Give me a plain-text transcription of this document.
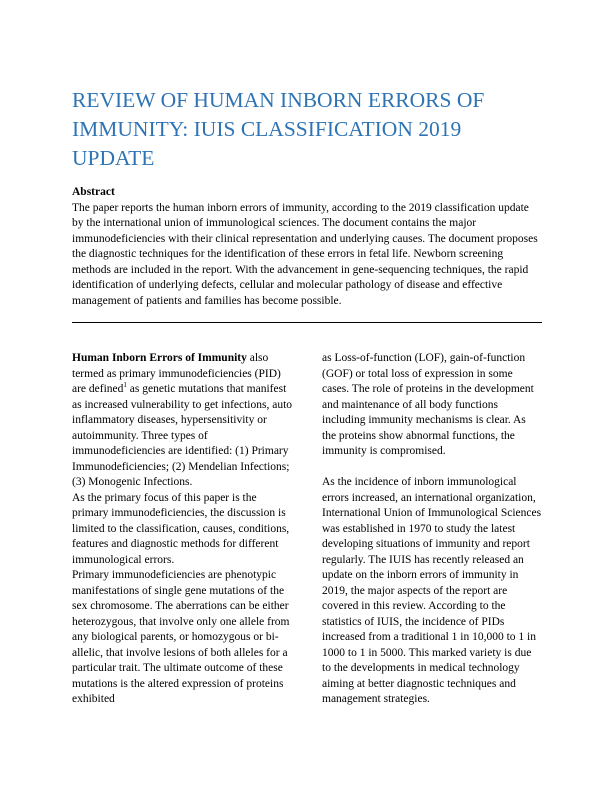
REVIEW OF HUMAN INBORN ERRORS OF IMMUNITY: IUIS CLASSIFICATION 2019 UPDATE
Abstract

The paper reports the human inborn errors of immunity, according to the 2019 classification update by the international union of immunological sciences. The document contains the major immunodeficiencies with their clinical representation and underlying causes. The document proposes the diagnostic techniques for the identification of these errors in fetal life. Newborn screening methods are included in the report. With the advancement in gene-sequencing techniques, the rapid identification of underlying defects, cellular and molecular pathology of disease and effective management of patients and families has become possible.

Human Inborn Errors of Immunity also termed as primary immunodeficiencies (PID) are defined$^1$ as genetic mutations that manifest as increased vulnerability to get infections, auto inflammatory diseases, hypersensitivity or autoimmunity. Three types of immunodeficiencies are identified: (1) Primary Immunodeficiencies; (2) Mendelian Infections; (3) Monogenic Infections.

As the primary focus of this paper is the primary immunodeficiencies, the discussion is limited to the classification, causes, conditions, features and diagnostic methods for different immunological errors.

Primary immunodeficiencies are phenotypic manifestations of single gene mutations of the sex chromosome. The aberrations can be either heterozygous, that involve only one allele from any biological parents, or homozygous or bi-allelic, that involve lesions of both alleles for a particular trait. The ultimate outcome of these mutations is the altered expression of proteins exhibited

as Loss-of-function (LOF), gain-of-function (GOF) or total loss of expression in some cases. The role of proteins in the development and maintenance of all body functions including immunity mechanisms is clear. As the proteins show abnormal functions, the immunity is compromised.

As the incidence of inborn immunological errors increased, an international organization, International Union of Immunological Sciences was established in 1970 to study the latest developing situations of immunity and report regularly. The IUIS has recently released an update on the inborn errors of immunity in 2019, the major aspects of the report are covered in this review. According to the statistics of IUIS, the incidence of PIDs increased from a traditional 1 in 10,000 to 1 in 1000 to 1 in 5000. This marked variety is due to the developments in medical technology aiming at better diagnostic techniques and management strategies.
